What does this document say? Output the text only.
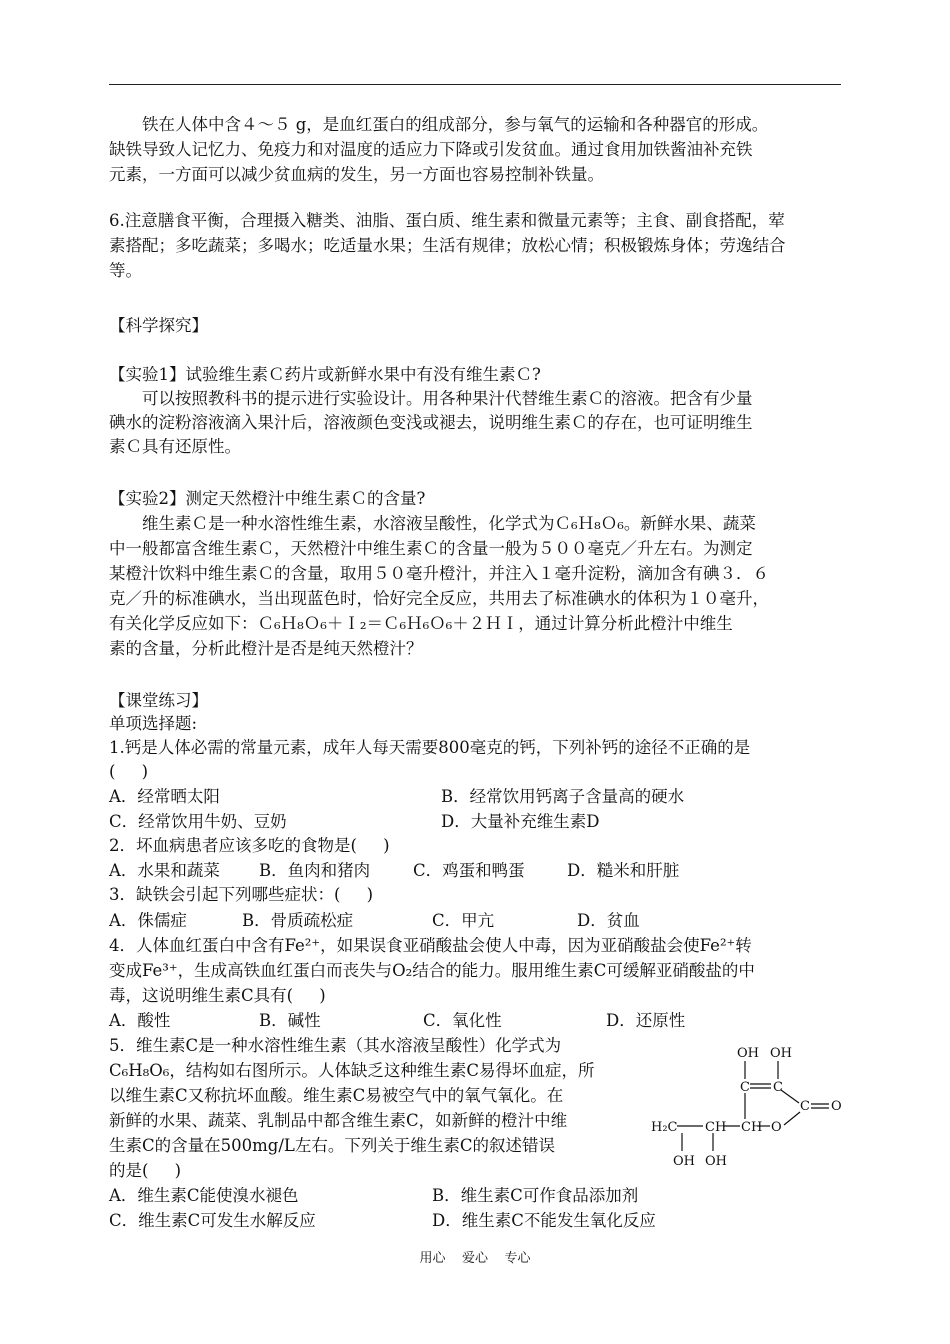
铁在人体中含４～５ g，是血红蛋白的组成部分，参与氧气的运输和各种器官的形成。
缺铁导致人记忆力、免疫力和对温度的适应力下降或引发贫血。通过食用加铁酱油补充铁
元素，一方面可以减少贫血病的发生，另一方面也容易控制补铁量。
6.注意膳食平衡，合理摄入糖类、油脂、蛋白质、维生素和微量元素等；主食、副食搭配，荤
素搭配；多吃蔬菜；多喝水；吃适量水果；生活有规律；放松心情；积极锻炼身体；劳逸结合
等。
【科学探究】
【实验1】试验维生素Ｃ药片或新鲜水果中有没有维生素Ｃ?
可以按照教科书的提示进行实验设计。用各种果汁代替维生素Ｃ的溶液。把含有少量
碘水的淀粉溶液滴入果汁后，溶液颜色变浅或褪去，说明维生素Ｃ的存在，也可证明维生
素Ｃ具有还原性。
【实验2】测定天然橙汁中维生素Ｃ的含量?
维生素Ｃ是一种水溶性维生素，水溶液呈酸性，化学式为Ｃ₆Ｈ₈Ｏ₆。新鲜水果、蔬菜
中一般都富含维生素Ｃ，天然橙汁中维生素Ｃ的含量一般为５００毫克／升左右。为测定
某橙汁饮料中维生素Ｃ的含量，取用５０毫升橙汁，并注入１毫升淀粉，滴加含有碘３．６
克／升的标准碘水，当出现蓝色时，恰好完全反应，共用去了标准碘水的体积为１０毫升，
有关化学反应如下：Ｃ₆Ｈ₈Ｏ₆＋Ｉ₂＝Ｃ₆Ｈ₆Ｏ₆＋２ＨＩ，通过计算分析此橙汁中维生
素的含量，分析此橙汁是否是纯天然橙汁？
【课堂练习】
单项选择题:
1.钙是人体必需的常量元素，成年人每天需要800毫克的钙，下列补钙的途径不正确的是
(     )
A．经常晒太阳	B．经常饮用钙离子含量高的硬水
C．经常饮用牛奶、豆奶	D．大量补充维生素D
2．坏血病患者应该多吃的食物是(     )
A．水果和蔬菜 B．鱼肉和猪肉	C．鸡蛋和鸭蛋	D．糙米和肝脏
3．缺铁会引起下列哪些症状：(     )
A．侏儒症	B．骨质疏松症	C．甲亢	D．贫血
4．人体血红蛋白中含有Fe²⁺，如果误食亚硝酸盐会使人中毒，因为亚硝酸盐会使Fe²⁺转
变成Fe³⁺，生成高铁血红蛋白而丧失与O₂结合的能力。服用维生素C可缓解亚硝酸盐的中
毒，这说明维生素C具有(     )
A．酸性	B．碱性	C．氧化性	D．还原性
5．维生素C是一种水溶性维生素（其水溶液呈酸性）化学式为
C₆H₈O₆，结构如右图所示。人体缺乏这种维生素C易得坏血症，所
以维生素C又称抗坏血酸。维生素C易被空气中的氧气氧化。在
新鲜的水果、蔬菜、乳制品中都含维生素C，如新鲜的橙汁中维
生素C的含量在500mg/L左右。下列关于维生素C的叙述错误
的是(     )
A．维生素C能使溴水褪色	B．维生素C可作食品添加剂
C．维生素C可发生水解反应	D．维生素C不能发生氧化反应
OH OH
C C
C O
H₂C CH CH O
OH OH
用心    爱心    专心
